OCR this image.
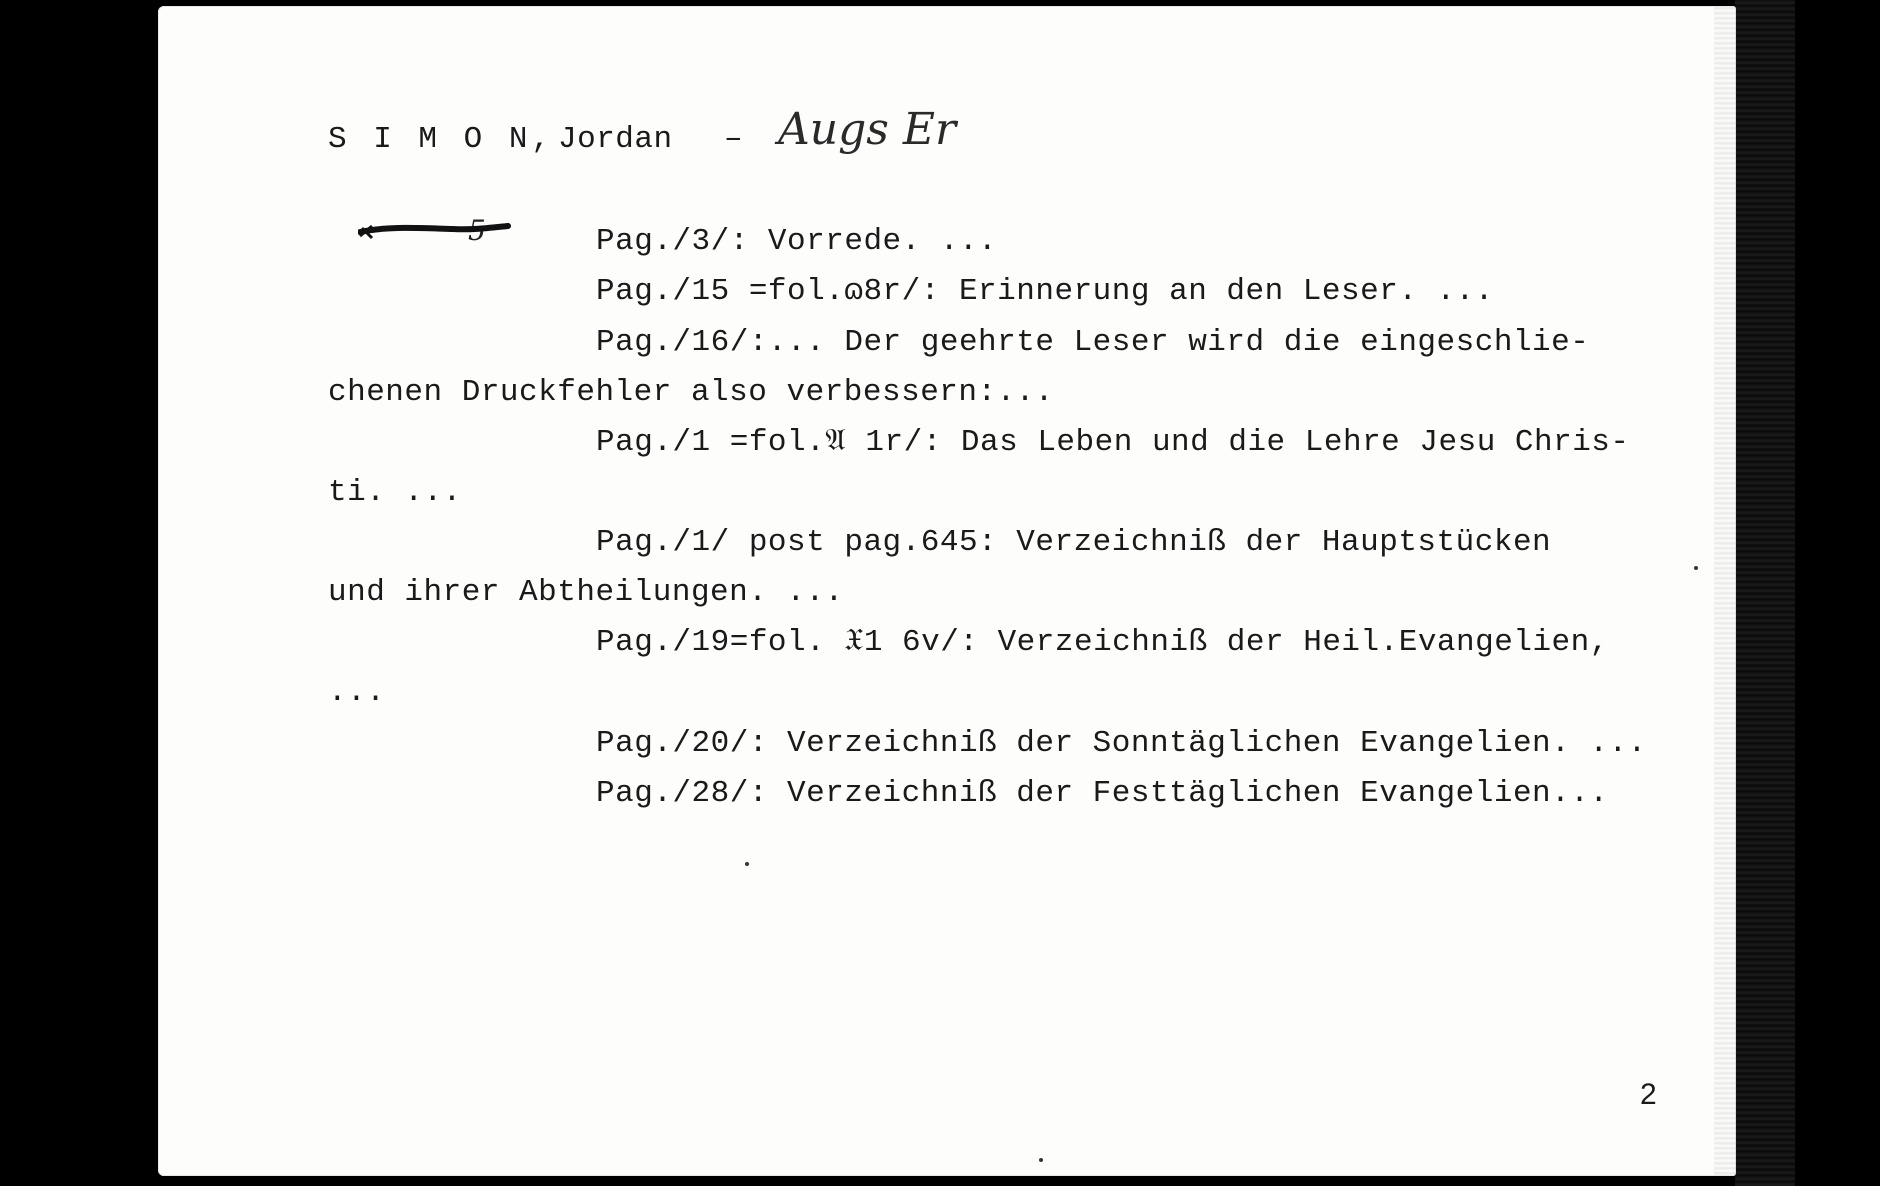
S I M O N, Jordan – Augs Er
5	Pag./3/: Vorrede. ...
Pag./15 =fol.ɷ8r/: Erinnerung an den Leser. ...
Pag./16/:... Der geehrte Leser wird die eingeschlie-
chenen Druckfehler also verbessern:...
Pag./1 =fol.𝔄 1r/: Das Leben und die Lehre Jesu Chris-
ti. ...
Pag./1/ post pag.645: Verzeichniß der Hauptstücken
und ihrer Abtheilungen. ...
Pag./19=fol. 𝔛1 6v/: Verzeichniß der Heil.Evangelien,
...
Pag./20/: Verzeichniß der Sonntäglichen Evangelien. ...
Pag./28/: Verzeichniß der Festtäglichen Evangelien...
2
